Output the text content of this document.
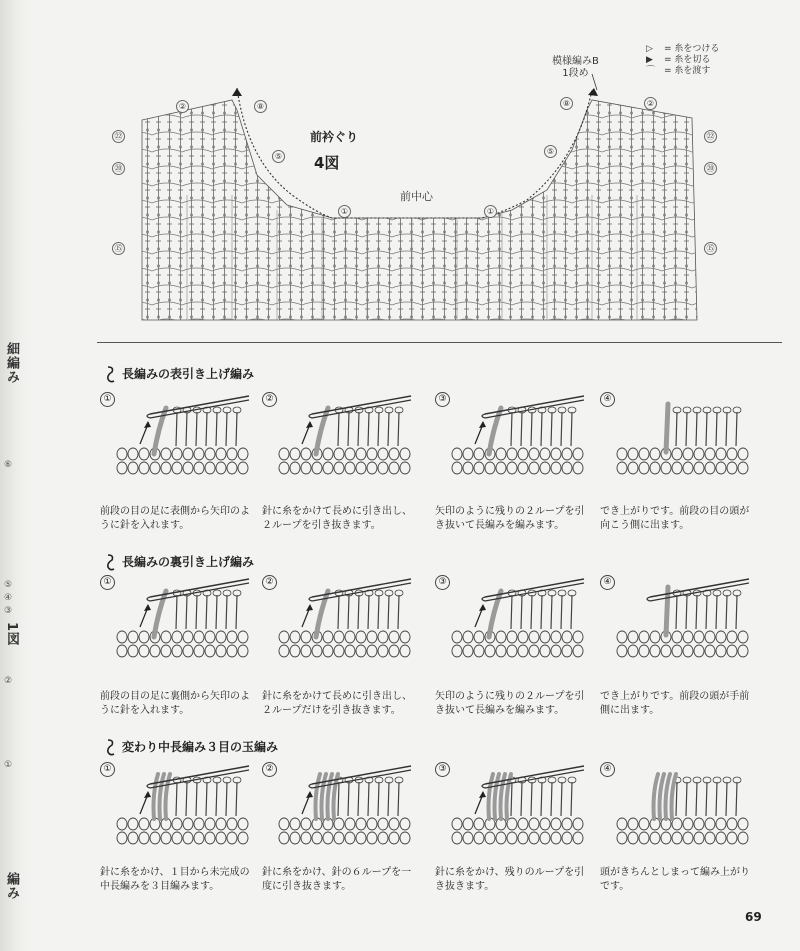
細編み
⑥
⑤
④
③
②
①
1図
編み
②	⑧
㉒
⑳
⑮
⑤
①	①
⑤
⑧	②
㉒
⑳
⑮
前衿ぐり
4図
前中心
模様編みB
1段め
▷ = 糸をつける
▶ = 糸を切る
⌒ = 糸を渡す
長編みの表引き上げ編み
長編みの裏引き上げ編み
変わり中長編み３目の玉編み
①
前段の目の足に表側から矢印のように針を入れます。
②
針に糸をかけて長めに引き出し、２ループを引き抜きます。
③
矢印のように残りの２ループを引き抜いて長編みを編みます。
④
でき上がりです。前段の目の頭が向こう側に出ます。
①
前段の目の足に裏側から矢印のように針を入れます。
②
針に糸をかけて長めに引き出し、２ループだけを引き抜きます。
③
矢印のように残りの２ループを引き抜いて長編みを編みます。
④
でき上がりです。前段の頭が手前側に出ます。
①
針に糸をかけ、１目から未完成の中長編みを３目編みます。
②
針に糸をかけ、針の６ループを一度に引き抜きます。
③
針に糸をかけ、残りのループを引き抜きます。
④
頭がきちんとしまって編み上がりです。
69
